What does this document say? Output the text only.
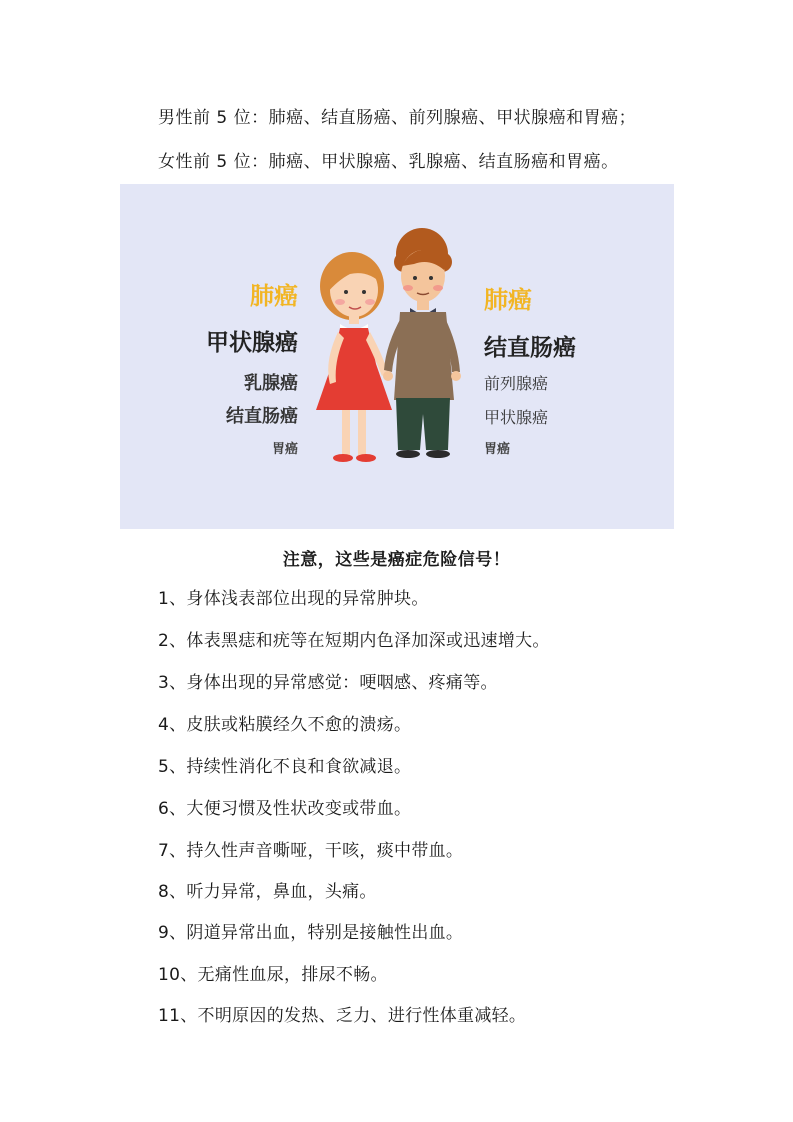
男性前 5 位：肺癌、结直肠癌、前列腺癌、甲状腺癌和胃癌；
女性前 5 位：肺癌、甲状腺癌、乳腺癌、结直肠癌和胃癌。
肺癌
甲状腺癌
乳腺癌
结直肠癌
胃癌
肺癌
结直肠癌
前列腺癌
甲状腺癌
胃癌
注意，这些是癌症危险信号！
1、身体浅表部位出现的异常肿块。
2、体表黑痣和疣等在短期内色泽加深或迅速增大。
3、身体出现的异常感觉：哽咽感、疼痛等。
4、皮肤或粘膜经久不愈的溃疡。
5、持续性消化不良和食欲减退。
6、大便习惯及性状改变或带血。
7、持久性声音嘶哑，干咳，痰中带血。
8、听力异常，鼻血，头痛。
9、阴道异常出血，特别是接触性出血。
10、无痛性血尿，排尿不畅。
11、不明原因的发热、乏力、进行性体重减轻。
